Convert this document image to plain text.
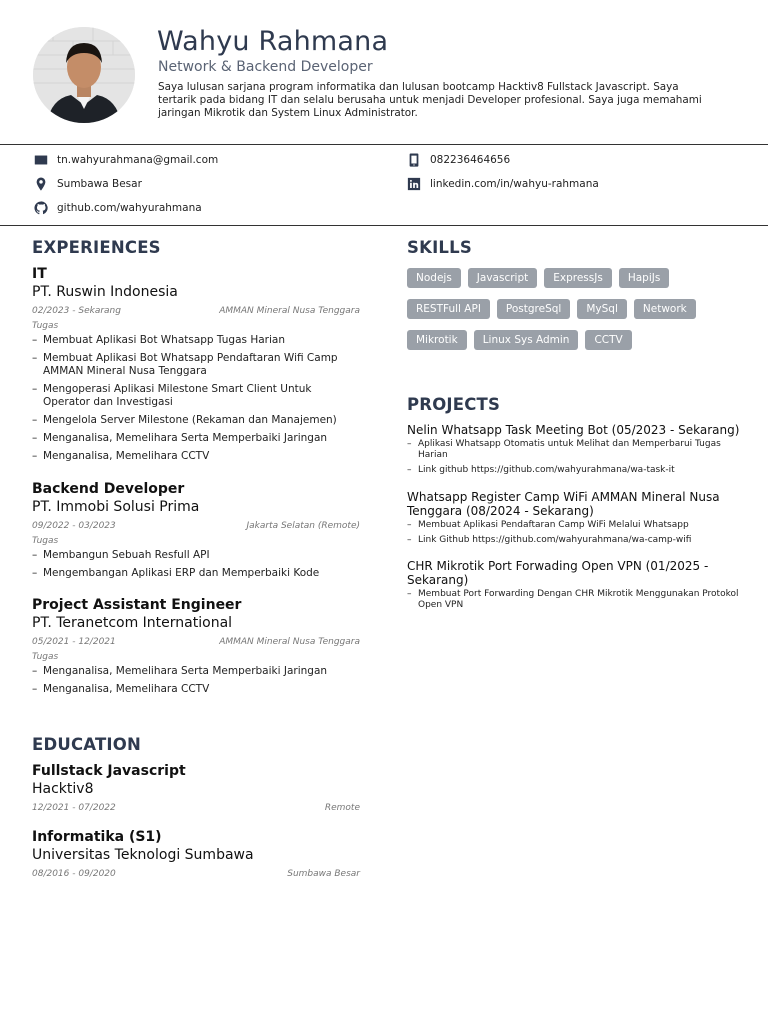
Wahyu Rahmana
Network & Backend Developer
Saya lulusan sarjana program informatika dan lulusan bootcamp Hacktiv8 Fullstack Javascript. Saya tertarik pada bidang IT dan selalu berusaha untuk menjadi Developer profesional. Saya juga memahami jaringan Mikrotik dan System Linux Administrator.
tn.wahyurahmana@gmail.com	082236464656
Sumbawa Besar	linkedin.com/in/wahyu-rahmana
github.com/wahyurahmana
EXPERIENCES	SKILLS
PROJECTS
EDUCATION
IT
PT. Ruswin Indonesia
02/2023 - Sekarang	AMMAN Mineral Nusa Tenggara
Tugas
– Membuat Aplikasi Bot Whatsapp Tugas Harian
– Membuat Aplikasi Bot Whatsapp Pendaftaran Wifi Camp AMMAN Mineral Nusa Tenggara
– Mengoperasi Aplikasi Milestone Smart Client Untuk Operator dan Investigasi
– Mengelola Server Milestone (Rekaman dan Manajemen)
– Menganalisa, Memelihara Serta Memperbaiki Jaringan
– Menganalisa, Memelihara CCTV
Backend Developer
PT. Immobi Solusi Prima
09/2022 - 03/2023	Jakarta Selatan (Remote)
Tugas
– Membangun Sebuah Resfull API
– Mengembangan Aplikasi ERP dan Memperbaiki Kode
Project Assistant Engineer
PT. Teranetcom International
05/2021 - 12/2021	AMMAN Mineral Nusa Tenggara
Tugas
– Menganalisa, Memelihara Serta Memperbaiki Jaringan
– Menganalisa, Memelihara CCTV
Nodejs	Javascript	ExpressJs	HapiJs
RESTFull API	PostgreSql	MySql	Network
Mikrotik	Linux Sys Admin	CCTV
Nelin Whatsapp Task Meeting Bot (05/2023 - Sekarang)
– Aplikasi Whatsapp Otomatis untuk Melihat dan Memperbarui Tugas Harian
– Link github https://github.com/wahyurahmana/wa-task-it
Whatsapp Register Camp WiFi AMMAN Mineral Nusa Tenggara (08/2024 - Sekarang)
– Membuat Aplikasi Pendaftaran Camp WiFi Melalui Whatsapp
– Link Github https://github.com/wahyurahmana/wa-camp-wifi
CHR Mikrotik Port Forwading Open VPN (01/2025 - Sekarang)
– Membuat Port Forwarding Dengan CHR Mikrotik Menggunakan Protokol Open VPN
Fullstack Javascript
Hacktiv8
12/2021 - 07/2022	Remote
Informatika (S1)
Universitas Teknologi Sumbawa
08/2016 - 09/2020	Sumbawa Besar
